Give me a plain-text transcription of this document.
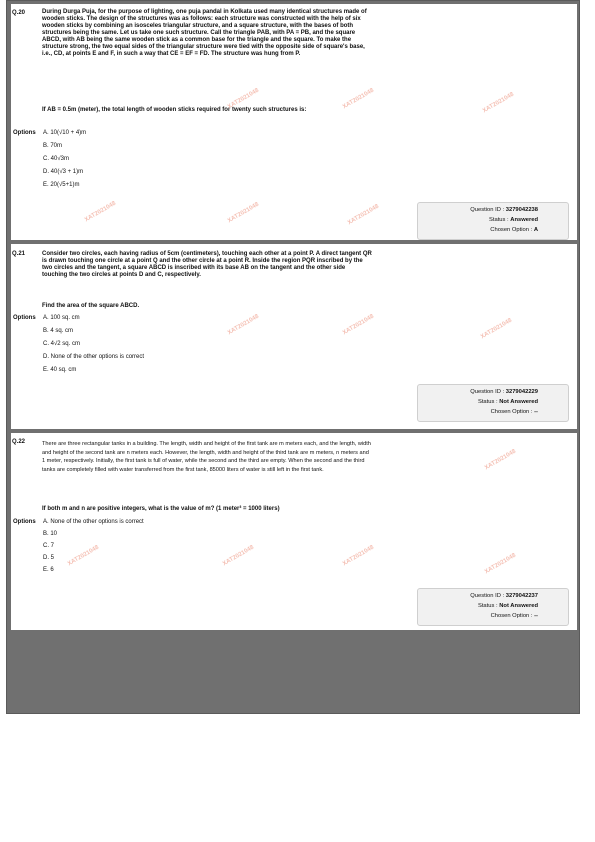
Q.20	During Durga Puja, for the purpose of lighting, one puja pandal in Kolkata used many identical structures made of wooden sticks. The design of the structures was as follows: each structure was constructed with the help of six wooden sticks by combining an isosceles triangular structure, and a square structure, with the bases of both structures being the same. Let us take one such structure. Call the triangle PAB, with PA = PB, and the square ABCD, with AB being the same wooden stick as a common base for the triangle and the square. To make the structure strong, the two equal sides of the triangular structure were tied with the opposite side of square's base, i.e., CD, at points E and F, in such a way that CE = EF = FD. The structure was hung from P.

If AB = 0.5m (meter), the total length of wooden sticks required for twenty such structures is:
Options A. 10(√10 + 4)m
B. 70m
C. 40√3m
D. 40(√3 + 1)m
E. 20(√5+1)m
Question ID : 3279042238
Status : Answered
Chosen Option : A
XAT2021048	XAT2021048	XAT2021048
XAT2021048	XAT2021048	XAT2021048
Q.21	Consider two circles, each having radius of 5cm (centimeters), touching each other at a point P. A direct tangent QR is drawn touching one circle at a point Q and the other circle at a point R. Inside the region PQR inscribed by the two circles and the tangent, a square ABCD is inscribed with its base AB on the tangent and the other side touching the two circles at points D and C, respectively.

Find the area of the square ABCD.
Options A. 100 sq. cm
B. 4 sq. cm
C. 4√2 sq. cm
D. None of the other options is correct
E. 40 sq. cm
Question ID : 3279042229
Status : Not Answered
Chosen Option : --
XAT2021048	XAT2021048	XAT2021048
Q.22	There are three rectangular tanks in a building. The length, width and height of the first tank are m meters each, and the length, width and height of the second tank are n meters each. However, the length, width and height of the third tank are m meters, n meters and 1 meter, respectively. Initially, the first tank is full of water, while the second and the third are empty. When the second and the third tanks are completely filled with water transferred from the first tank, 85000 liters of water is still left in the first tank.

If both m and n are positive integers, what is the value of m? (1 meter³ = 1000 liters)
Options A. None of the other options is correct
B. 10
C. 7
D. 5
E. 6
Question ID : 3279042237
Status : Not Answered
Chosen Option : --
XAT2021048	XAT2021048	XAT2021048
XAT2021048
XAT2021048
